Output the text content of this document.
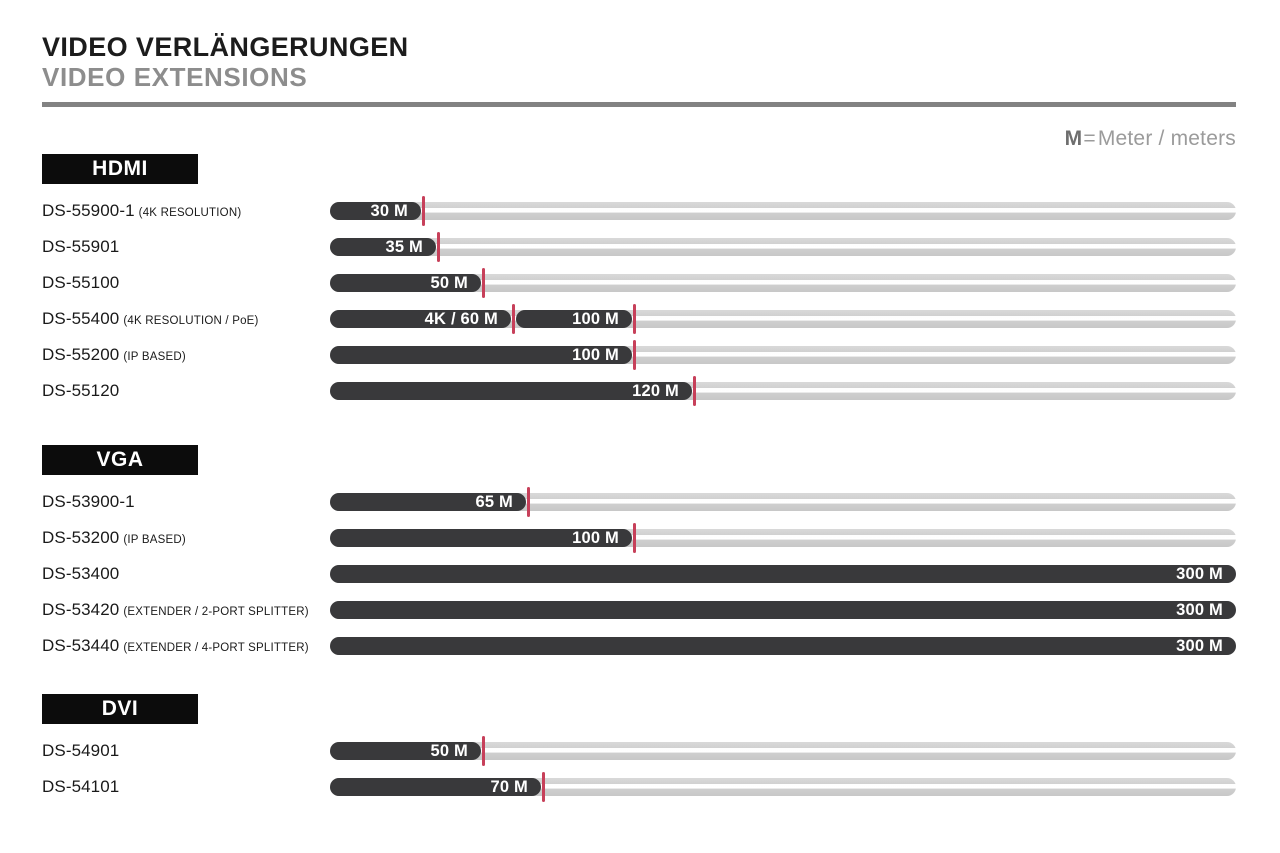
VIDEO VERLÄNGERUNGEN
VIDEO EXTENSIONS
M=Meter / meters
HDMI
DS-55900-1 (4K RESOLUTION)	30 M
DS-55901	35 M
DS-55100	50 M
DS-55400 (4K RESOLUTION / PoE)	4K / 60 M	100 M
DS-55200 (IP BASED)	100 M
DS-55120	120 M
VGA
DS-53900-1	65 M
DS-53200 (IP BASED)	100 M
DS-53400	300 M
DS-53420 (EXTENDER / 2-PORT SPLITTER)	300 M
DS-53440 (EXTENDER / 4-PORT SPLITTER)	300 M
DVI
DS-54901	50 M
DS-54101	70 M
